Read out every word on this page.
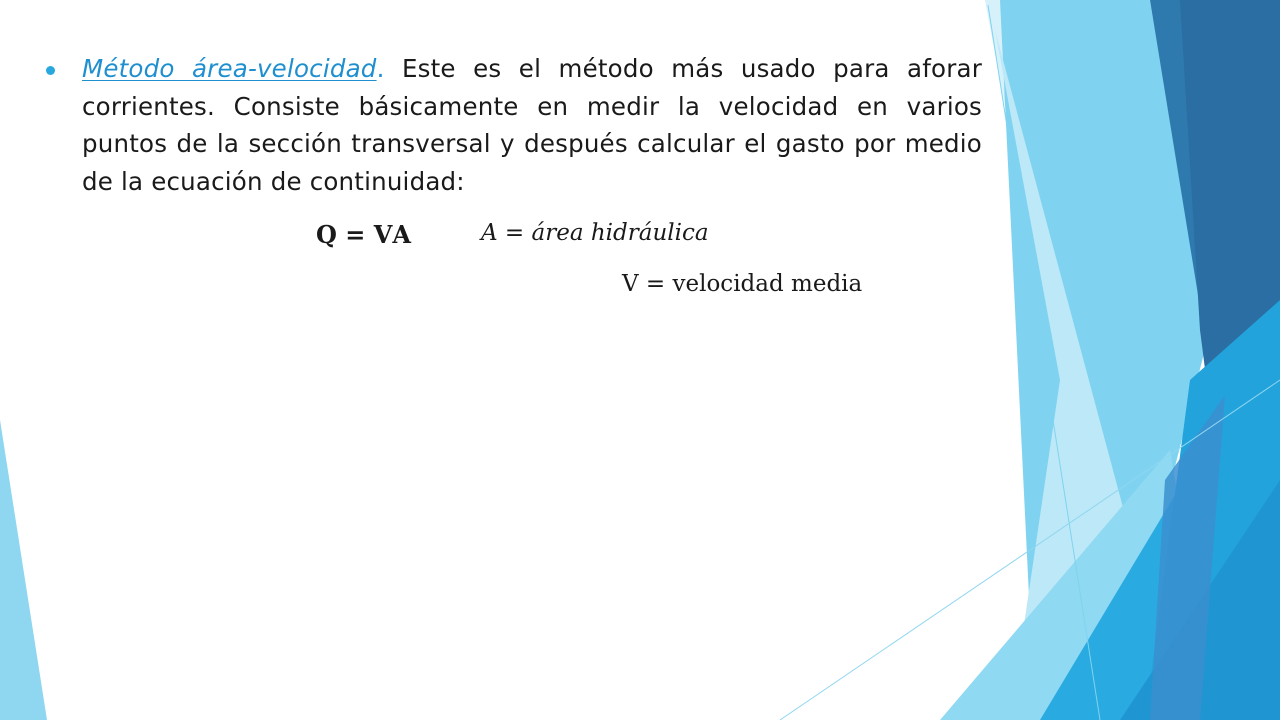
Método área-velocidad. Este es el método más usado para aforar corrientes. Consiste básicamente en medir la velocidad en varios puntos de la sección transversal y después calcular el gasto por medio de la ecuación de continuidad:
𝐐 = 𝐕𝐀	A = área hidráulica
V = velocidad media
